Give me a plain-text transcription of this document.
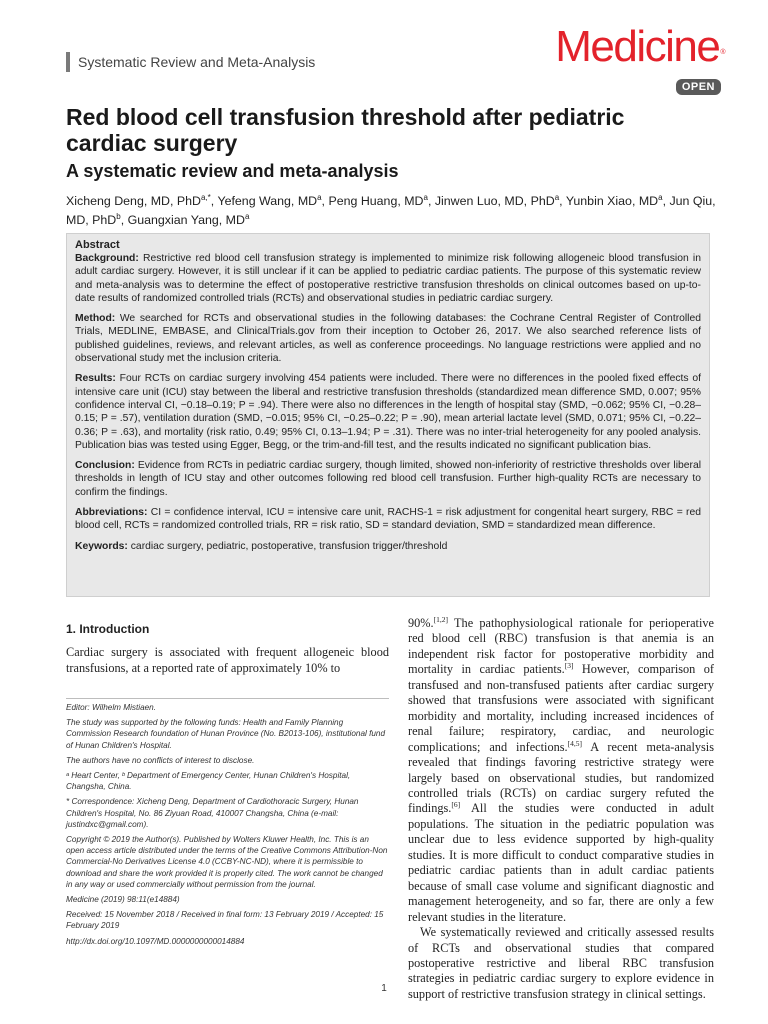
Systematic Review and Meta-Analysis	Medicine®
OPEN
Red blood cell transfusion threshold after pediatric cardiac surgery
A systematic review and meta-analysis
Xicheng Deng, MD, PhD$^{a,*}$, Yefeng Wang, $MD^a$, Peng Huang, $MD^a$, Jinwen Luo, MD, PhD$^a$, Yunbin Xiao, $MD^a$, Jun Qiu, MD, PhD$^b$, Guangxian Yang, $MD^a$
Abstract

Background: Restrictive red blood cell transfusion strategy is implemented to minimize risk following allogeneic blood transfusion in adult cardiac surgery. However, it is still unclear if it can be applied to pediatric cardiac patients. The purpose of this systematic review and meta-analysis was to determine the effect of postoperative restrictive transfusion thresholds on clinical outcomes based on up-to-date results of randomized controlled trials (RCTs) and observational studies in pediatric cardiac surgery.

Method: We searched for RCTs and observational studies in the following databases: the Cochrane Central Register of Controlled Trials, MEDLINE, EMBASE, and ClinicalTrials.gov from their inception to October 26, 2017. We also searched reference lists of published guidelines, reviews, and relevant articles, as well as conference proceedings. No language restrictions were applied and no observational study met the inclusion criteria.

Results: Four RCTs on cardiac surgery involving 454 patients were included. There were no differences in the pooled fixed effects of intensive care unit (ICU) stay between the liberal and restrictive transfusion thresholds (standardized mean difference SMD, 0.007; 95% confidence interval CI, −0.18–0.19; P = .94). There were also no differences in the length of hospital stay (SMD, −0.062; 95% CI, −0.28–0.15; P = .57), ventilation duration (SMD, −0.015; 95% CI, −0.25–0.22; P = .90), mean arterial lactate level (SMD, 0.071; 95% CI, −0.22–0.36; P = .63), and mortality (risk ratio, 0.49; 95% CI, 0.13–1.94; P = .31). There was no inter-trial heterogeneity for any pooled analysis. Publication bias was tested using Egger, Begg, or the trim-and-fill test, and the results indicated no significant publication bias.

Conclusion: Evidence from RCTs in pediatric cardiac surgery, though limited, showed non-inferiority of restrictive thresholds over liberal thresholds in length of ICU stay and other outcomes following red blood cell transfusion. Further high-quality RCTs are necessary to confirm the findings.

Abbreviations: CI = confidence interval, ICU = intensive care unit, RACHS-1 = risk adjustment for congenital heart surgery, RBC = red blood cell, RCTs = randomized controlled trials, RR = risk ratio, SD = standard deviation, SMD = standardized mean difference.

Keywords: cardiac surgery, pediatric, postoperative, transfusion trigger/threshold

1. Introduction

Cardiac surgery is associated with frequent allogeneic blood transfusions, at a reported rate of approximately 10% to

Editor: Wilhelm Mistiaen.

The study was supported by the following funds: Health and Family Planning Commission Research foundation of Hunan Province (No. B2013-106), institutional fund of Hunan Children's Hospital.

The authors have no conflicts of interest to disclose.

ᵃ Heart Center, ᵇ Department of Emergency Center, Hunan Children's Hospital, Changsha, China.

* Correspondence: Xicheng Deng, Department of Cardiothoracic Surgery, Hunan Children's Hospital, No. 86 Ziyuan Road, 410007 Changsha, China (e-mail: justindxc@gmail.com).

Copyright © 2019 the Author(s). Published by Wolters Kluwer Health, Inc. This is an open access article distributed under the terms of the Creative Commons Attribution-Non Commercial-No Derivatives License 4.0 (CCBY-NC-ND), where it is permissible to download and share the work provided it is properly cited. The work cannot be changed in any way or used commercially without permission from the journal.

Medicine (2019) 98:11(e14884)

Received: 15 November 2018 / Received in final form: 13 February 2019 / Accepted: 15 February 2019

http://dx.doi.org/10.1097/MD.0000000000014884

90%.[1,2] The pathophysiological rationale for perioperative red blood cell (RBC) transfusion is that anemia is an independent risk factor for postoperative morbidity and mortality in cardiac patients.[3] However, comparison of transfused and non-transfused patients after cardiac surgery showed that transfusions were associated with significant morbidity and mortality, including increased incidences of renal failure; respiratory, cardiac, and neurologic complications; and infections.[4,5] A recent meta-analysis revealed that findings favoring restrictive strategy were largely based on observational studies, but randomized controlled trials (RCTs) on cardiac surgery refuted the findings.[6] All the studies were conducted in adult populations. The situation in the pediatric population was unclear due to less evidence supported by high-quality studies. It is more difficult to conduct comparative studies in pediatric cardiac patients than in adult cardiac patients because of small case volume and significant diagnostic and management heterogeneity, and so far, there are only a few relevant studies in the literature.

We systematically reviewed and critically assessed results of RCTs and observational studies that compared postoperative restrictive and liberal RBC transfusion strategies in pediatric cardiac surgery to explore evidence in support of restrictive transfusion strategy in clinical settings.

1
